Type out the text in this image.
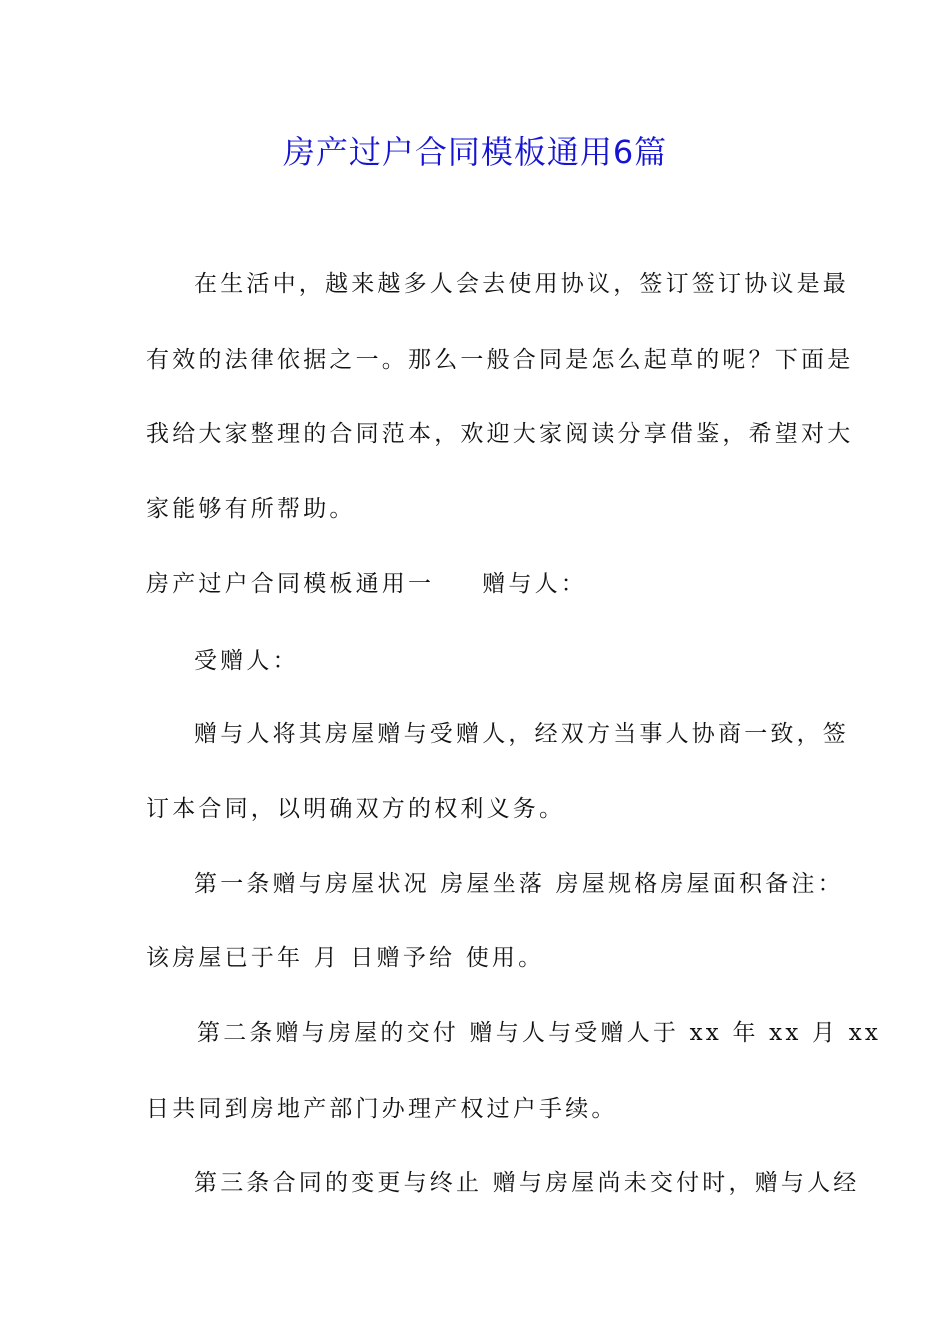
房产过户合同模板通用6篇

在生活中，越来越多人会去使用协议，签订签订协议是最

有效的法律依据之一。那么一般合同是怎么起草的呢？下面是

我给大家整理的合同范本，欢迎大家阅读分享借鉴，希望对大

家能够有所帮助。

房产过户合同模板通用一 赠与人：

受赠人：

赠与人将其房屋赠与受赠人，经双方当事人协商一致，签

订本合同，以明确双方的权利义务。

第一条赠与房屋状况 房屋坐落 房屋规格房屋面积备注：

该房屋已于年 月 日赠予给 使用。

第二条赠与房屋的交付 赠与人与受赠人于 xx 年 xx 月 xx

日共同到房地产部门办理产权过户手续。

第三条合同的变更与终止 赠与房屋尚未交付时，赠与人经
